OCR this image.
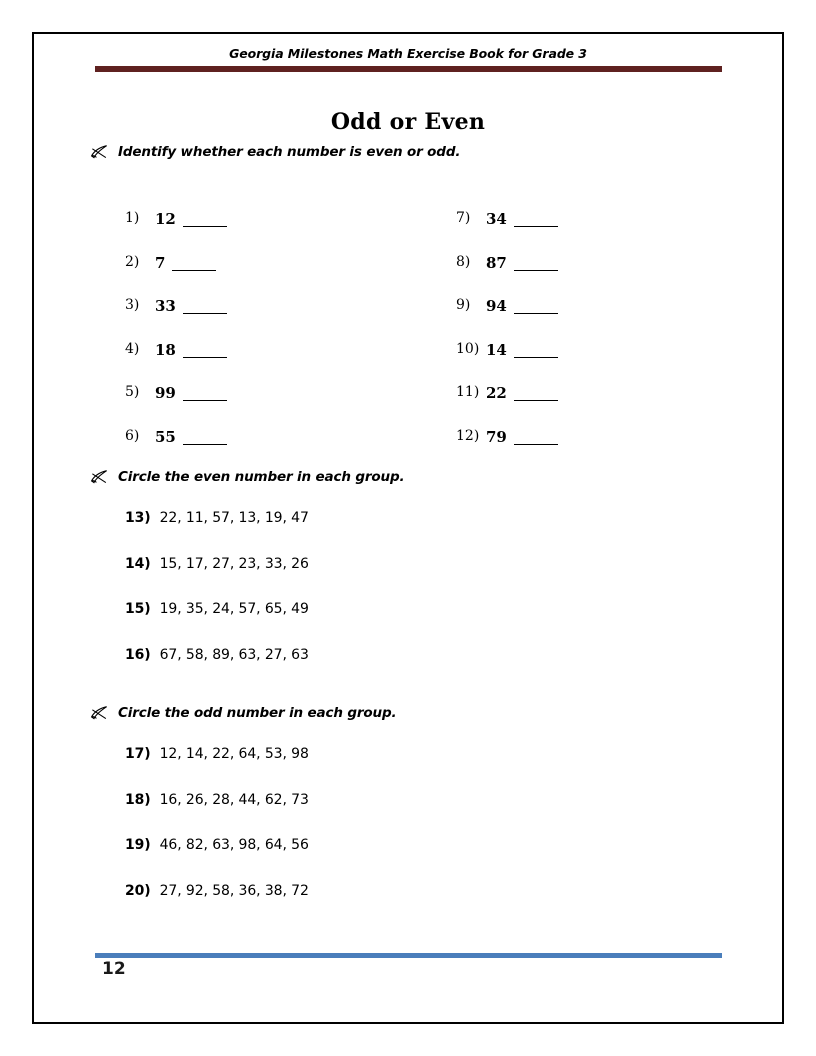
Georgia Milestones Math Exercise Book for Grade 3
Odd or Even
Identify whether each number is even or odd.
1)	12
2)	7
3)	33
4)	18
5)	99
6)	55
7)	34
8)	87
9)	94
10) 14
11) 22
12) 79
Circle the even number in each group.
13) 22, 11, 57, 13, 19, 47
14) 15, 17, 27, 23, 33, 26
15) 19, 35, 24, 57, 65, 49
16) 67, 58, 89, 63, 27, 63
Circle the odd number in each group.
17) 12, 14, 22, 64, 53, 98
18) 16, 26, 28, 44, 62, 73
19) 46, 82, 63, 98, 64, 56
20) 27, 92, 58, 36, 38, 72
12
